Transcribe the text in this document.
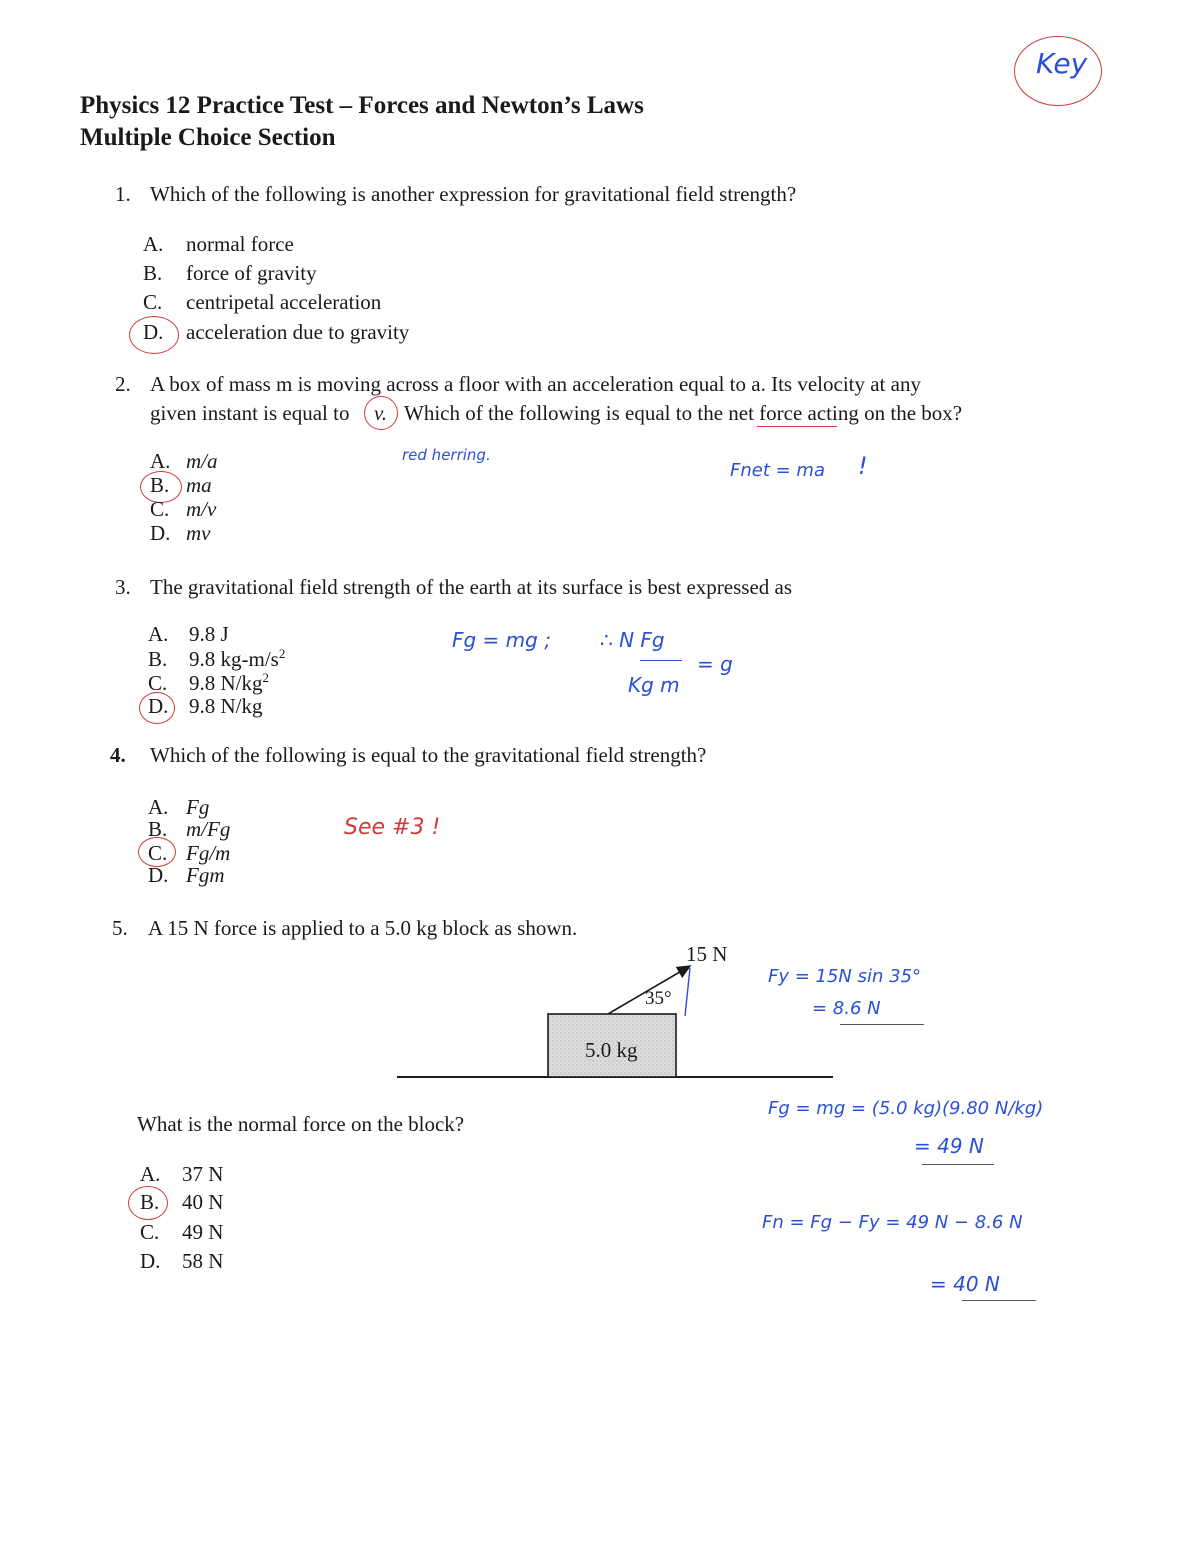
Key
Physics 12 Practice Test – Forces and Newton’s Laws
Multiple Choice Section
1. Which of the following is another expression for gravitational field strength?
A. normal force
B. force of gravity
C. centripetal acceleration
D. acceleration due to gravity
2. A box of mass m is moving across a floor with an acceleration equal to a. Its velocity at any
given instant is equal to v. Which of the following is equal to the net force acting on the box?
A. m/a
B. ma
C. m/v
D. mv
red herring.
Fnet = ma !
3. The gravitational field strength of the earth at its surface is best expressed as
A. 9.8 J
B. 9.8 $kg-m/s^2$
C. 9.8 $N/kg^2$
D. 9.8 N/kg
Fg = mg ; ∴ N Fg
Kg m
= g
4. Which of the following is equal to the gravitational field strength?
A. Fg
B. m/Fg
C. Fg/m
D. Fgm
See #3 !
5. A 15 N force is applied to a 5.0 kg block as shown.
15 N
35°
5.0 kg
What is the normal force on the block?
A. 37 N
B. 40 N
C. 49 N
D. 58 N
Fy = 15N sin 35°
= 8.6 N
Fg = mg = (5.0 kg)(9.80 N/kg)
= 49 N
Fn = Fg − Fy = 49 N − 8.6 N
= 40 N
